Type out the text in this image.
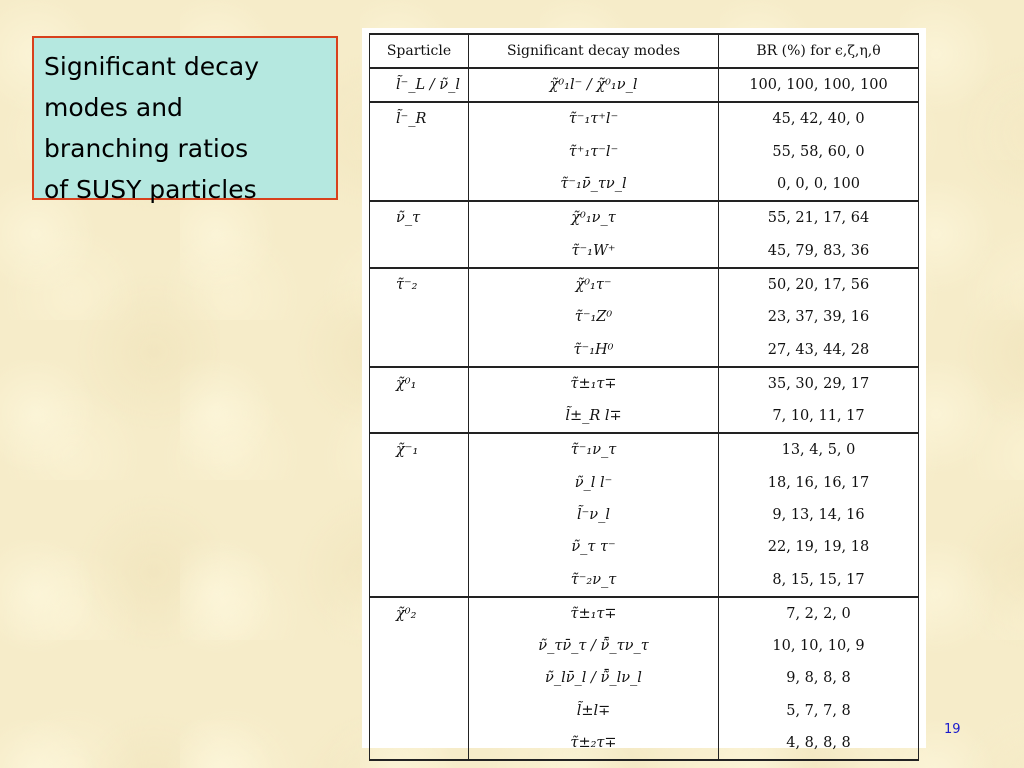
Significant decay
modes and
branching ratios
of SUSY particles
Sparticle	Significant decay modes	BR (%) for ϵ,ζ,η,θ
l̃⁻_L / ν̃_l	χ̃⁰₁l⁻ / χ̃⁰₁ν_l	100, 100, 100, 100
l̃⁻_R	τ̃⁻₁τ⁺l⁻	45, 42, 40, 0
	τ̃⁺₁τ⁻l⁻	55, 58, 60, 0
	τ̃⁻₁ν̄_τν_l	0, 0, 0, 100
ν̃_τ	χ̃⁰₁ν_τ	55, 21, 17, 64
	τ̃⁻₁W⁺	45, 79, 83, 36
τ̃⁻₂	χ̃⁰₁τ⁻	50, 20, 17, 56
	τ̃⁻₁Z⁰	23, 37, 39, 16
	τ̃⁻₁H⁰	27, 43, 44, 28
χ̃⁰₁	τ̃±₁τ∓	35, 30, 29, 17
	l̃±_R l∓	7, 10, 11, 17
χ̃⁻₁	τ̃⁻₁ν_τ	13, 4, 5, 0
	ν̃_l l⁻	18, 16, 16, 17
	l̃⁻ν_l	9, 13, 14, 16
	ν̃_τ τ⁻	22, 19, 19, 18
	τ̃⁻₂ν_τ	8, 15, 15, 17
χ̃⁰₂	τ̃±₁τ∓	7, 2, 2, 0
	ν̃_τν̄_τ / ν̃̄_τν_τ	10, 10, 10, 9
	ν̃_lν̄_l / ν̃̄_lν_l	9, 8, 8, 8
	l̃±l∓	5, 7, 7, 8
	τ̃±₂τ∓	4, 8, 8, 8
19
